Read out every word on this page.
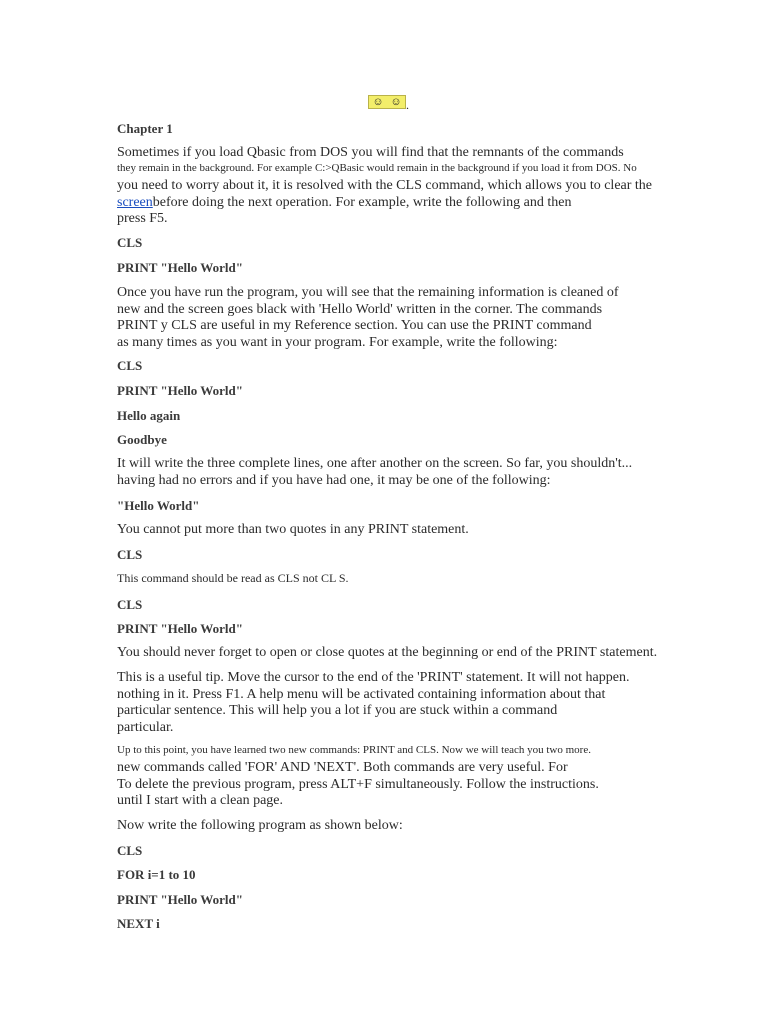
☺ ☺ .
Chapter 1
Sometimes if you load Qbasic from DOS you will find that the remnants of the commands
they remain in the background. For example C:>QBasic would remain in the background if you load it from DOS. No
you need to worry about it, it is resolved with the CLS command, which allows you to clear the
screenbefore doing the next operation. For example, write the following and then
press F5.
CLS
PRINT "Hello World"
Once you have run the program, you will see that the remaining information is cleaned of
new and the screen goes black with 'Hello World' written in the corner. The commands
PRINT y CLS are useful in my Reference section. You can use the PRINT command
as many times as you want in your program. For example, write the following:
CLS
PRINT "Hello World"
Hello again
Goodbye
It will write the three complete lines, one after another on the screen. So far, you shouldn't...
having had no errors and if you have had one, it may be one of the following:
"Hello World"
You cannot put more than two quotes in any PRINT statement.
CLS
This command should be read as CLS not CL S.
CLS
PRINT "Hello World"
You should never forget to open or close quotes at the beginning or end of the PRINT statement.
This is a useful tip. Move the cursor to the end of the 'PRINT' statement. It will not happen.
nothing in it. Press F1. A help menu will be activated containing information about that
particular sentence. This will help you a lot if you are stuck within a command
particular.
Up to this point, you have learned two new commands: PRINT and CLS. Now we will teach you two more.
new commands called 'FOR' AND 'NEXT'. Both commands are very useful. For
To delete the previous program, press ALT+F simultaneously. Follow the instructions.
until I start with a clean page.
Now write the following program as shown below:
CLS
FOR i=1 to 10
PRINT "Hello World"
NEXT i
